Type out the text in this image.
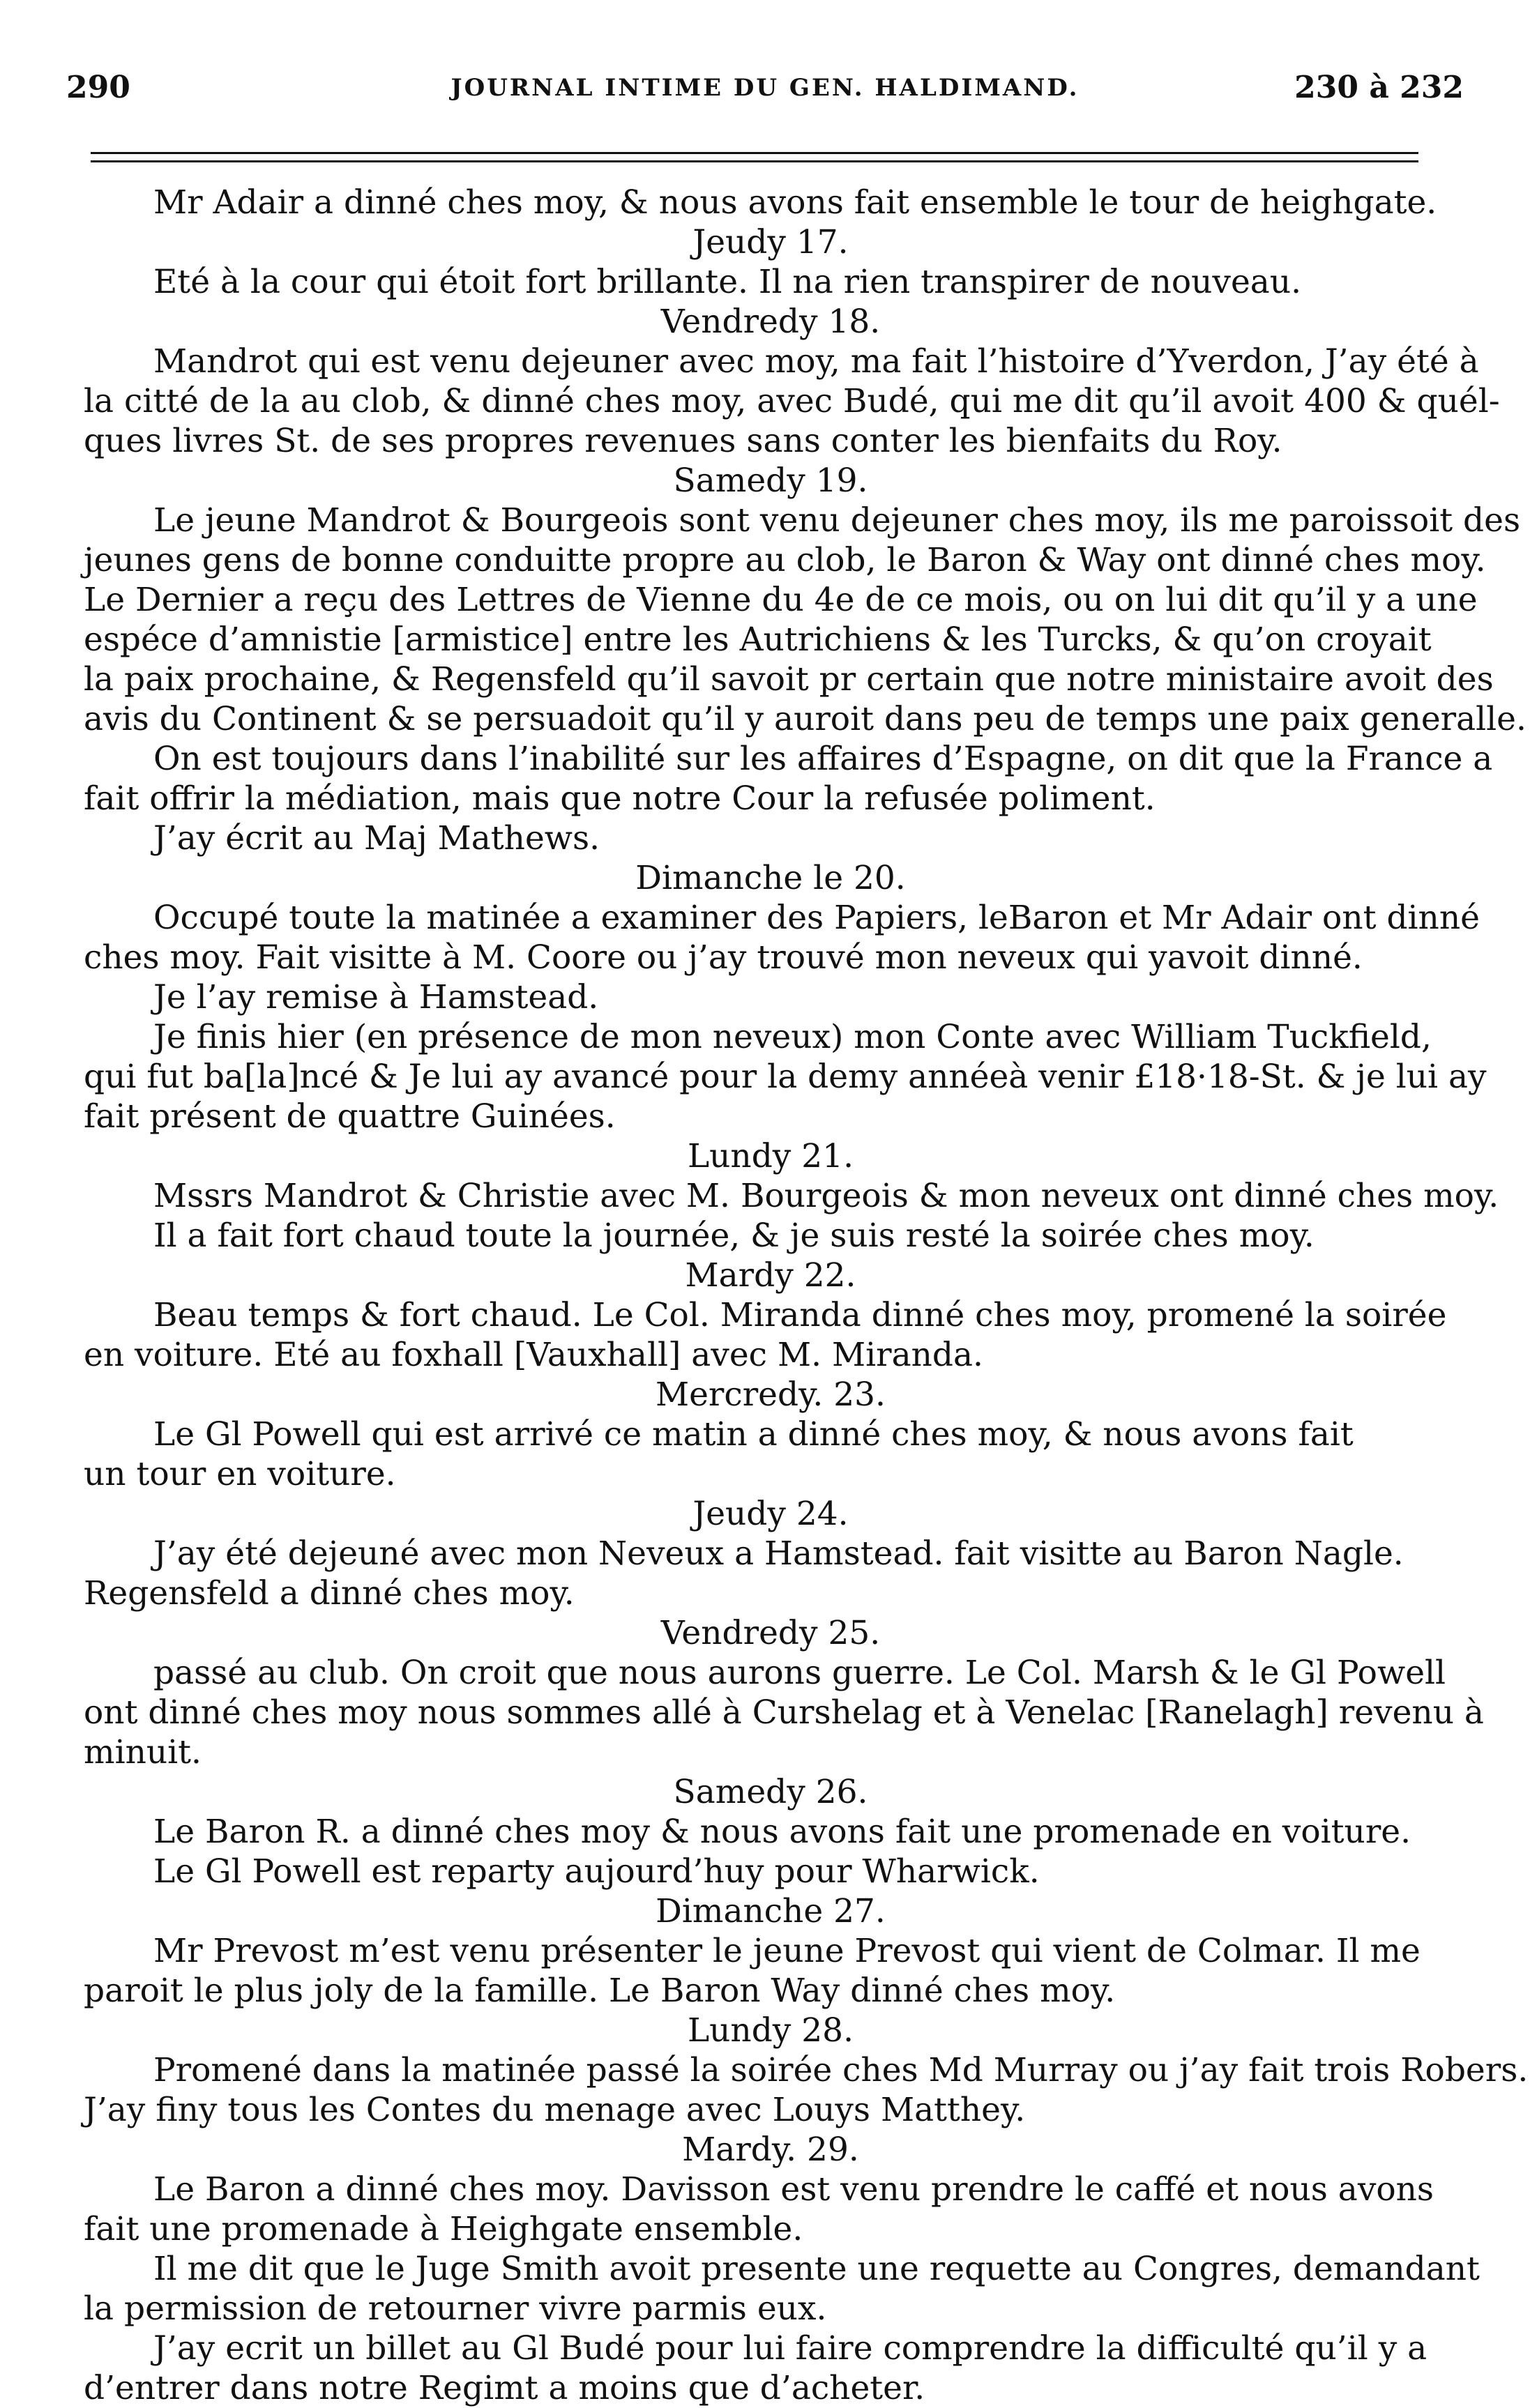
290	JOURNAL INTIME DU GEN. HALDIMAND.	230 à 232
Mr Adair a dinné ches moy, & nous avons fait ensemble le tour de heighgate.
Jeudy 17.
Eté à la cour qui étoit fort brillante. Il na rien transpirer de nouveau.
Vendredy 18.
Mandrot qui est venu dejeuner avec moy, ma fait l’histoire d’Yverdon, J’ay été à
la citté de la au clob, & dinné ches moy, avec Budé, qui me dit qu’il avoit 400 & quél-
ques livres St. de ses propres revenues sans conter les bienfaits du Roy.
Samedy 19.
Le jeune Mandrot & Bourgeois sont venu dejeuner ches moy, ils me paroissoit des
jeunes gens de bonne conduitte propre au clob, le Baron & Way ont dinné ches moy.
Le Dernier a reçu des Lettres de Vienne du 4e de ce mois, ou on lui dit qu’il y a une
espéce d’amnistie [armistice] entre les Autrichiens & les Turcks, & qu’on croyait
la paix prochaine, & Regensfeld qu’il savoit pr certain que notre ministaire avoit des
avis du Continent & se persuadoit qu’il y auroit dans peu de temps une paix generalle.
On est toujours dans l’inabilité sur les affaires d’Espagne, on dit que la France a
fait offrir la médiation, mais que notre Cour la refusée poliment.
J’ay écrit au Maj Mathews.
Dimanche le 20.
Occupé toute la matinée a examiner des Papiers, leBaron et Mr Adair ont dinné
ches moy. Fait visitte à M. Coore ou j’ay trouvé mon neveux qui yavoit dinné.
Je l’ay remise à Hamstead.
Je finis hier (en présence de mon neveux) mon Conte avec William Tuckfield,
qui fut ba[la]ncé & Je lui ay avancé pour la demy annéeà venir £18·18-St. & je lui ay
fait présent de quattre Guinées.
Lundy 21.
Mssrs Mandrot & Christie avec M. Bourgeois & mon neveux ont dinné ches moy.
Il a fait fort chaud toute la journée, & je suis resté la soirée ches moy.
Mardy 22.
Beau temps & fort chaud. Le Col. Miranda dinné ches moy, promené la soirée
en voiture. Eté au foxhall [Vauxhall] avec M. Miranda.
Mercredy. 23.
Le Gl Powell qui est arrivé ce matin a dinné ches moy, & nous avons fait
un tour en voiture.
Jeudy 24.
J’ay été dejeuné avec mon Neveux a Hamstead. fait visitte au Baron Nagle.
Regensfeld a dinné ches moy.
Vendredy 25.
passé au club. On croit que nous aurons guerre. Le Col. Marsh & le Gl Powell
ont dinné ches moy nous sommes allé à Curshelag et à Venelac [Ranelagh] revenu à
minuit.
Samedy 26.
Le Baron R. a dinné ches moy & nous avons fait une promenade en voiture.
Le Gl Powell est reparty aujourd’huy pour Wharwick.
Dimanche 27.
Mr Prevost m’est venu présenter le jeune Prevost qui vient de Colmar. Il me
paroit le plus joly de la famille. Le Baron Way dinné ches moy.
Lundy 28.
Promené dans la matinée passé la soirée ches Md Murray ou j’ay fait trois Robers.
J’ay finy tous les Contes du menage avec Louys Matthey.
Mardy. 29.
Le Baron a dinné ches moy. Davisson est venu prendre le caffé et nous avons
fait une promenade à Heighgate ensemble.
Il me dit que le Juge Smith avoit presente une requette au Congres, demandant
la permission de retourner vivre parmis eux.
J’ay ecrit un billet au Gl Budé pour lui faire comprendre la difficulté qu’il y a
d’entrer dans notre Regimt a moins que d’acheter.
